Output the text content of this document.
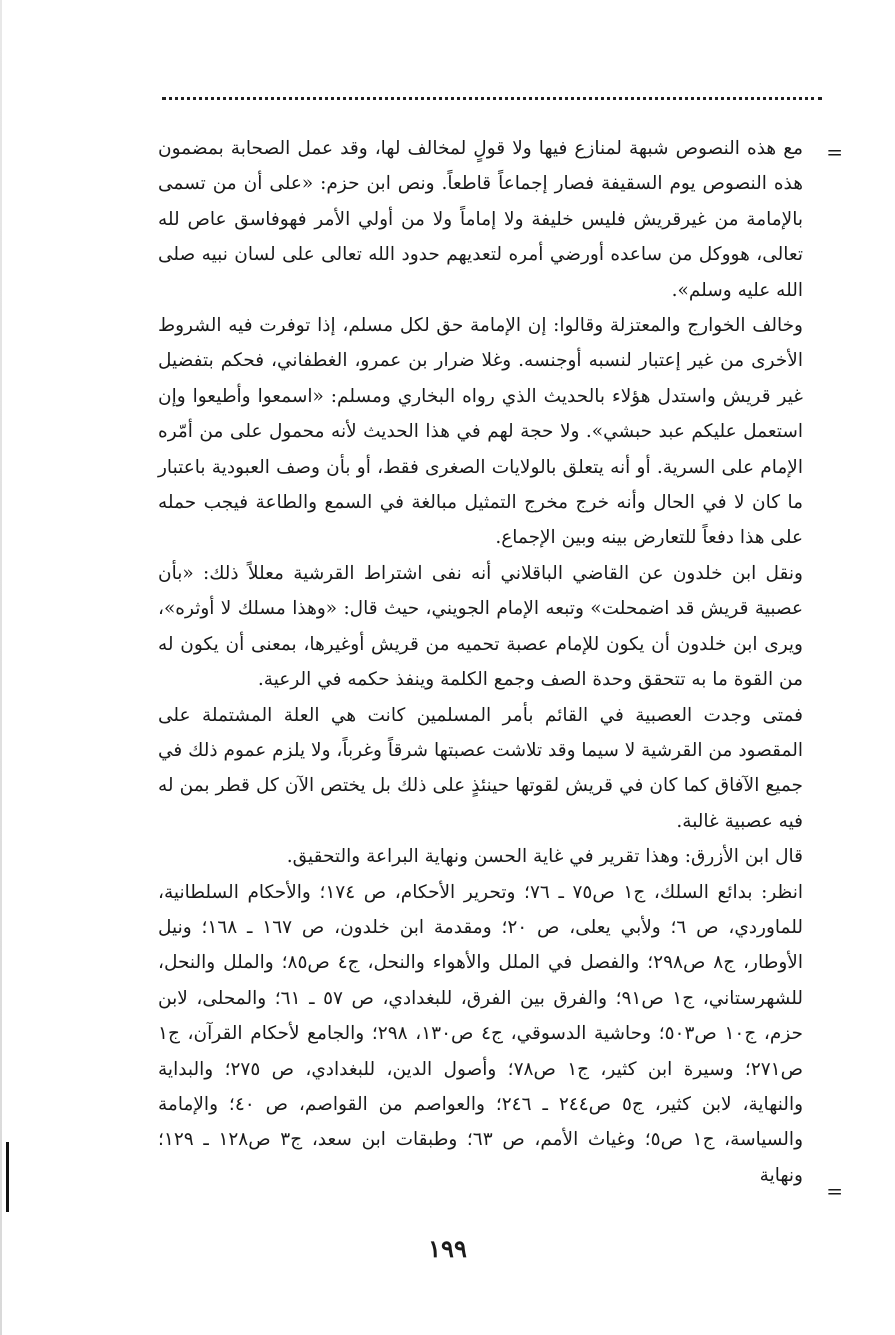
=

مع هذه النصوص شبهة لمنازع فيها ولا قولٍ لمخالف لها، وقد عمل الصحابة بمضمون هذه النصوص يوم السقيفة فصار إجماعاً قاطعاً. ونص ابن حزم: «على أن من تسمى بالإمامة من غيرقريش فليس خليفة ولا إماماً ولا من أولي الأمر فهوفاسق عاص لله تعالى، هووكل من ساعده أورضي أمره لتعديهم حدود الله تعالى على لسان نبيه صلى الله عليه وسلم».

وخالف الخوارج والمعتزلة وقالوا: إن الإمامة حق لكل مسلم، إذا توفرت فيه الشروط الأخرى من غير إعتبار لنسبه أوجنسه. وغلا ضرار بن عمرو، الغطفاني، فحكم بتفضيل غير قريش واستدل هؤلاء بالحديث الذي رواه البخاري ومسلم: «اسمعوا وأطيعوا وإن استعمل عليكم عبد حبشي». ولا حجة لهم في هذا الحديث لأنه محمول على من أمّره الإمام على السرية. أو أنه يتعلق بالولايات الصغرى فقط، أو بأن وصف العبودية باعتبار ما كان لا في الحال وأنه خرج مخرج التمثيل مبالغة في السمع والطاعة فيجب حمله على هذا دفعاً للتعارض بينه وبين الإجماع.

ونقل ابن خلدون عن القاضي الباقلاني أنه نفى اشتراط القرشية معللاً ذلك: «بأن عصبية قريش قد اضمحلت» وتبعه الإمام الجويني، حيث قال: «وهذا مسلك لا أوثره»، ويرى ابن خلدون أن يكون للإمام عصبة تحميه من قريش أوغيرها، بمعنى أن يكون له من القوة ما به تتحقق وحدة الصف وجمع الكلمة وينفذ حكمه في الرعية.

فمتى وجدت العصبية في القائم بأمر المسلمين كانت هي العلة المشتملة على المقصود من القرشية لا سيما وقد تلاشت عصبتها شرقاً وغرباً، ولا يلزم عموم ذلك في جميع الآفاق كما كان في قريش لقوتها حينئذٍ على ذلك بل يختص الآن كل قطر بمن له فيه عصبية غالبة.

قال ابن الأزرق: وهذا تقرير في غاية الحسن ونهاية البراعة والتحقيق.

انظر: بدائع السلك، ج١ ص٧٥ ـ ٧٦؛ وتحرير الأحكام، ص ١٧٤؛ والأحكام السلطانية، للماوردي، ص ٦؛ ولأبي يعلى، ص ٢٠؛ ومقدمة ابن خلدون، ص ١٦٧ ـ ١٦٨؛ ونيل الأوطار، ج٨ ص٢٩٨؛ والفصل في الملل والأهواء والنحل، ج٤ ص٨٥؛ والملل والنحل، للشهرستاني، ج١ ص٩١؛ والفرق بين الفرق، للبغدادي، ص ٥٧ ـ ٦١؛ والمحلى، لابن حزم، ج١٠ ص٥٠٣؛ وحاشية الدسوقي، ج٤ ص١٣٠، ٢٩٨؛ والجامع لأحكام القرآن، ج١ ص٢٧١؛ وسيرة ابن كثير، ج١ ص٧٨؛ وأصول الدين، للبغدادي، ص ٢٧٥؛ والبداية والنهاية، لابن كثير، ج٥ ص٢٤٤ ـ ٢٤٦؛ والعواصم من القواصم، ص ٤٠؛ والإمامة والسياسة، ج١ ص٥؛ وغياث الأمم، ص ٦٣؛ وطبقات ابن سعد، ج٣ ص١٢٨ ـ ١٢٩؛ ونهاية

=
١٩٩
